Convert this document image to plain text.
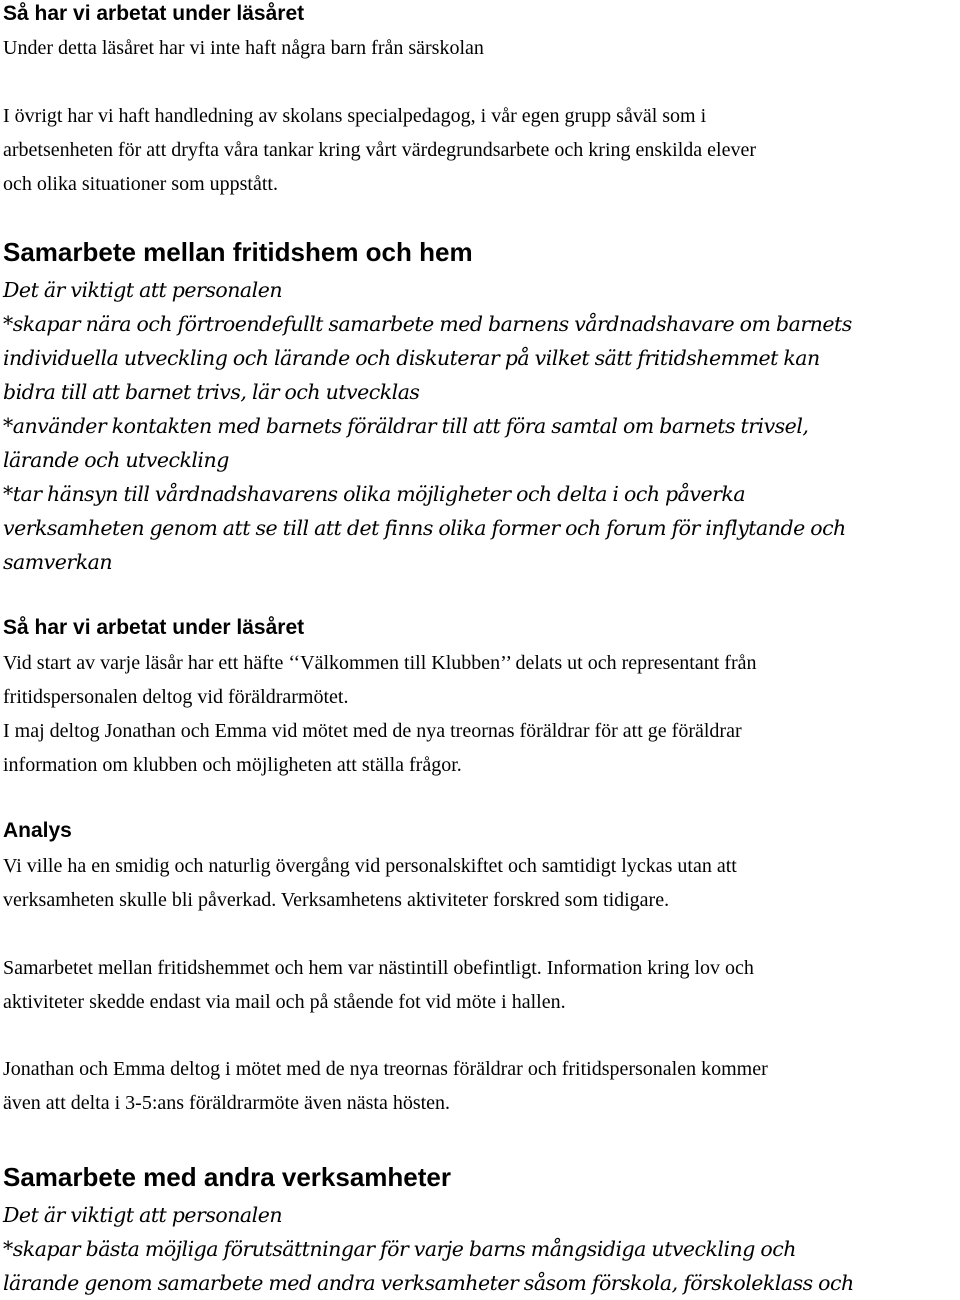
Så har vi arbetat under läsåret

Under detta läsåret har vi inte haft några barn från särskolan

I övrigt har vi haft handledning av skolans specialpedagog, i vår egen grupp såväl som i
arbetsenheten för att dryfta våra tankar kring vårt värdegrundsarbete och kring enskilda elever
och olika situationer som uppstått.

Samarbete mellan fritidshem och hem
Det är viktigt att personalen
*skapar nära och förtroendefullt samarbete med barnens vårdnadshavare om barnets
individuella utveckling och lärande och diskuterar på vilket sätt fritidshemmet kan
bidra till att barnet trivs, lär och utvecklas
*använder kontakten med barnets föräldrar till att föra samtal om barnets trivsel,
lärande och utveckling
*tar hänsyn till vårdnadshavarens olika möjligheter och delta i och påverka
verksamheten genom att se till att det finns olika former och forum för inflytande och
samverkan
Så har vi arbetat under läsåret

Vid start av varje läsår har ett häfte ‘‘Välkommen till Klubben’’ delats ut och representant från
fritidspersonalen deltog vid föräldrarmötet.
I maj deltog Jonathan och Emma vid mötet med de nya treornas föräldrar för att ge föräldrar
information om klubben och möjligheten att ställa frågor.

Analys

Vi ville ha en smidig och naturlig övergång vid personalskiftet och samtidigt lyckas utan att
verksamheten skulle bli påverkad. Verksamhetens aktiviteter forskred som tidigare.

Samarbetet mellan fritidshemmet och hem var nästintill obefintligt. Information kring lov och
aktiviteter skedde endast via mail och på stående fot vid möte i hallen.

Jonathan och Emma deltog i mötet med de nya treornas föräldrar och fritidspersonalen kommer
även att delta i 3-5:ans föräldrarmöte även nästa hösten.

Samarbete med andra verksamheter
Det är viktigt att personalen
*skapar bästa möjliga förutsättningar för varje barns mångsidiga utveckling och
lärande genom samarbete med andra verksamheter såsom förskola, förskoleklass och
